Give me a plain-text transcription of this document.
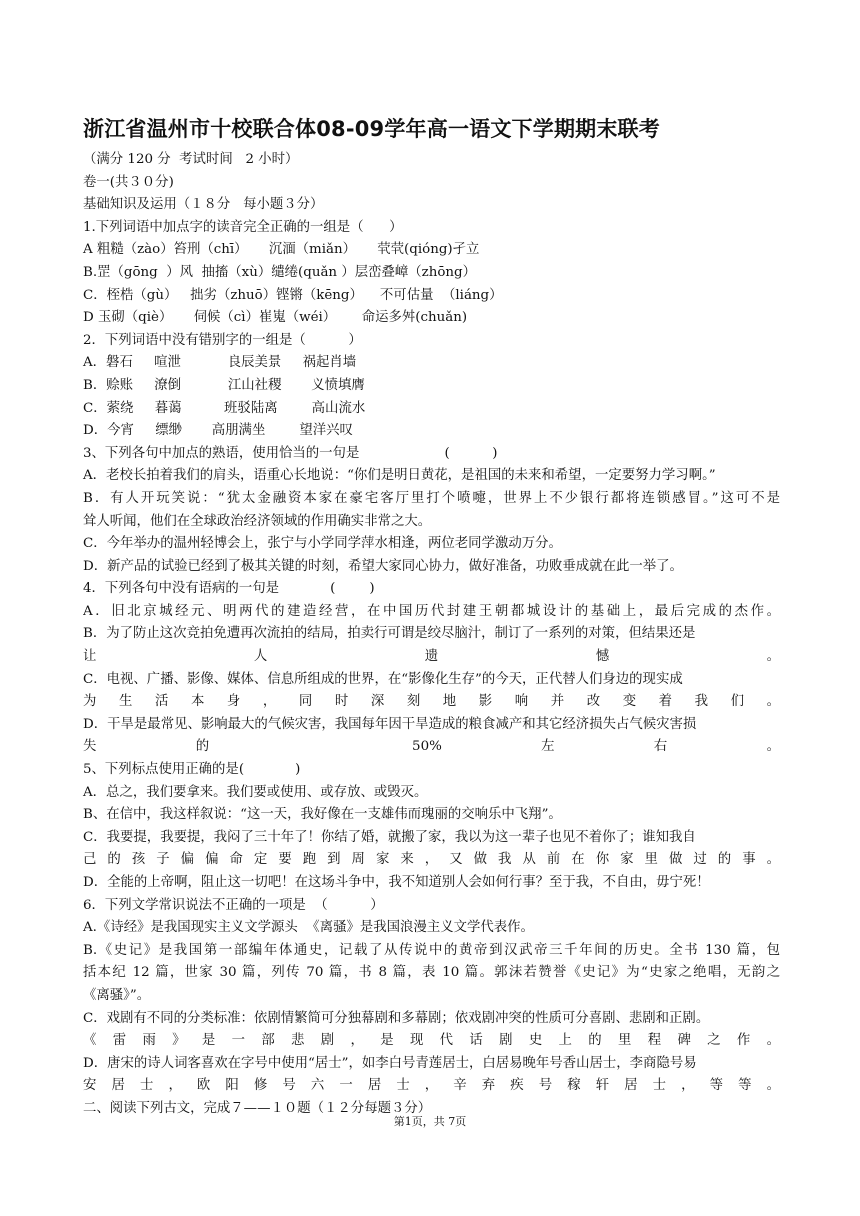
浙江省温州市十校联合体08-09学年高一语文下学期期末联考
（满分 120 分  考试时间   2 小时）
卷一(共３０分)
基础知识及运用（１８分   每小题３分）
1.下列词语中加点字的读音完全正确的一组是（      ）
A 粗糙（zào）笞刑（chī）     沉湎（miǎn）     茕茕(qióng)孑立
B.罡（gōng  ）风  抽搐（xù）缱绻(quǎn ）层峦叠嶂（zhōng）
C．桎梏（gù）   拙劣（zhuō）铿锵（kēng）    不可估量  （liáng）
D 玉砌（qiè）     伺候（cì）崔嵬（wéi）      命运多舛(chuǎn)
2．下列词语中没有错别字的一组是（          ）
A．磐石     喧泄           良辰美景     祸起肖墙
B．赊账     潦倒           江山社稷       义愤填膺
C．萦绕     暮蔼          班驳陆离        高山流水
D．今宵     缥缈       高朋满坐        望洋兴叹
3、下列各句中加点的熟语，使用恰当的一句是                    (          )
A．老校长拍着我们的肩头，语重心长地说：“你们是明日黄花，是祖国的未来和希望，一定要努力学习啊。”
B．有人开玩笑说：“犹太金融资本家在豪宅客厅里打个喷嚏，世界上不少银行都将连锁感冒。”这可不是
耸人听闻，他们在全球政治经济领域的作用确实非常之大。
C．今年举办的温州轻博会上，张宁与小学同学萍水相逢，两位老同学激动万分。
D．新产品的试验已经到了极其关键的时刻，希望大家同心协力，做好准备，功败垂成就在此一举了。
4．下列各句中没有语病的一句是            (        )
A．旧北京城经元、明两代的建造经营，在中国历代封建王朝都城设计的基础上，最后完成的杰作。
B．为了防止这次竞拍免遭再次流拍的结局，拍卖行可谓是绞尽脑汁，制订了一系列的对策，但结果还是
让人遗憾。
C．电视、广播、影像、媒体、信息所组成的世界，在“影像化生存”的今天，正代替人们身边的现实成
为生活本身，同时深刻地影响并改变着我们。
D．干旱是最常见、影响最大的气候灾害，我国每年因干旱造成的粮食减产和其它经济损失占气候灾害损
失的 50%左右。
5、下列标点使用正确的是(            )
A．总之，我们要拿来。我们要或使用、或存放、或毁灭。
B、在信中，我这样叙说：“这一天，我好像在一支雄伟而瑰丽的交响乐中飞翔”。
C．我要提，我要提，我闷了三十年了！你结了婚，就搬了家，我以为这一辈子也见不着你了；谁知我自
己的孩子偏偏命定要跑到周家来，又做我从前在你家里做过的事。
D．全能的上帝啊，阻止这一切吧！在这场斗争中，我不知道别人会如何行事？至于我，不自由，毋宁死！
6．下列文学常识说法不正确的一项是  （          ）
A.《诗经》是我国现实主义文学源头  《离骚》是我国浪漫主义文学代表作。
B.《史记》是我国第一部编年体通史，记载了从传说中的黄帝到汉武帝三千年间的历史。全书 130 篇，包
括本纪 12 篇，世家 30 篇，列传 70 篇，书 8 篇，表 10 篇。郭沫若赞誉《史记》为“史家之绝唱，无韵之
《离骚》”。
C．戏剧有不同的分类标准：依剧情繁简可分独幕剧和多幕剧；依戏剧冲突的性质可分喜剧、悲剧和正剧。
《雷雨》是一部悲剧，是现代话剧史上的里程碑之作。
D．唐宋的诗人词客喜欢在字号中使用“居士”，如李白号青莲居士，白居易晚年号香山居士，李商隐号易
安居士，欧阳修号六一居士，辛弃疾号稼轩居士，等等。
二、阅读下列古文，完成７——１０题（１２分每题３分）
第1页，共 7页
